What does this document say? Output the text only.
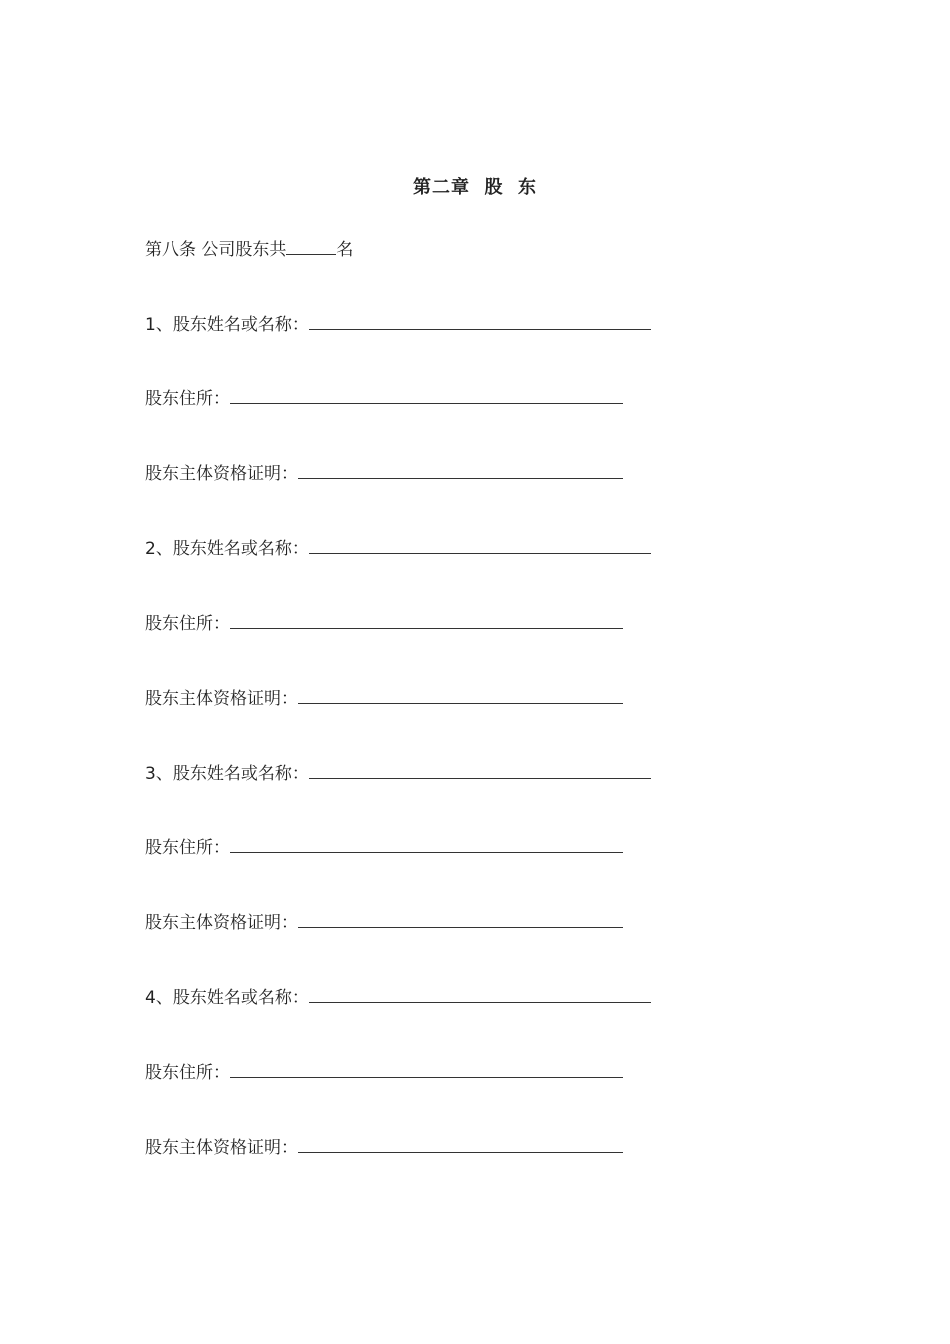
第二章  股  东
第八条 公司股东共	名
1、股东姓名或名称：
股东住所：
股东主体资格证明：
2、股东姓名或名称：
股东住所：
股东主体资格证明：
3、股东姓名或名称：
股东住所：
股东主体资格证明：
4、股东姓名或名称：
股东住所：
股东主体资格证明：
